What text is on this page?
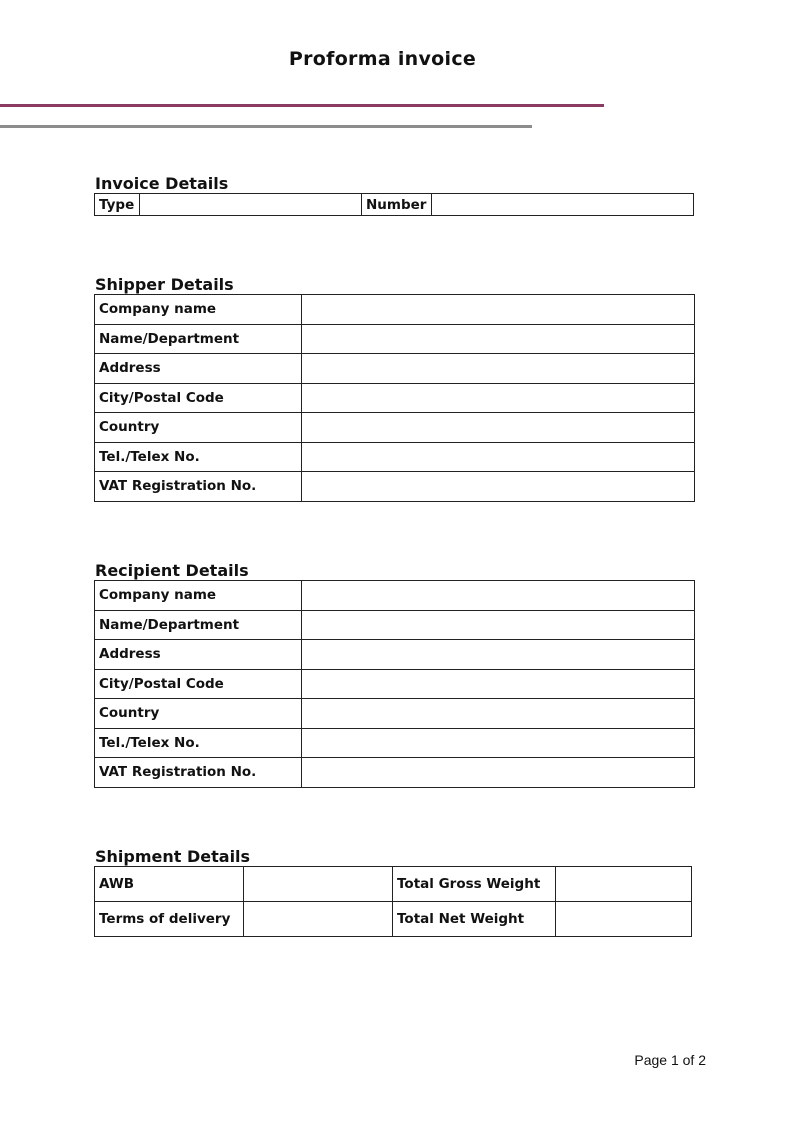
Proforma invoice
Invoice Details
Type		Number	
Shipper Details
Company name	
Name/Department	
Address	
City/Postal Code	
Country	
Tel./Telex No.	
VAT Registration No.	
Recipient Details
Company name	
Name/Department	
Address	
City/Postal Code	
Country	
Tel./Telex No.	
VAT Registration No.	
Shipment Details
AWB		Total Gross Weight	
Terms of delivery		Total Net Weight	
Page 1 of 2
